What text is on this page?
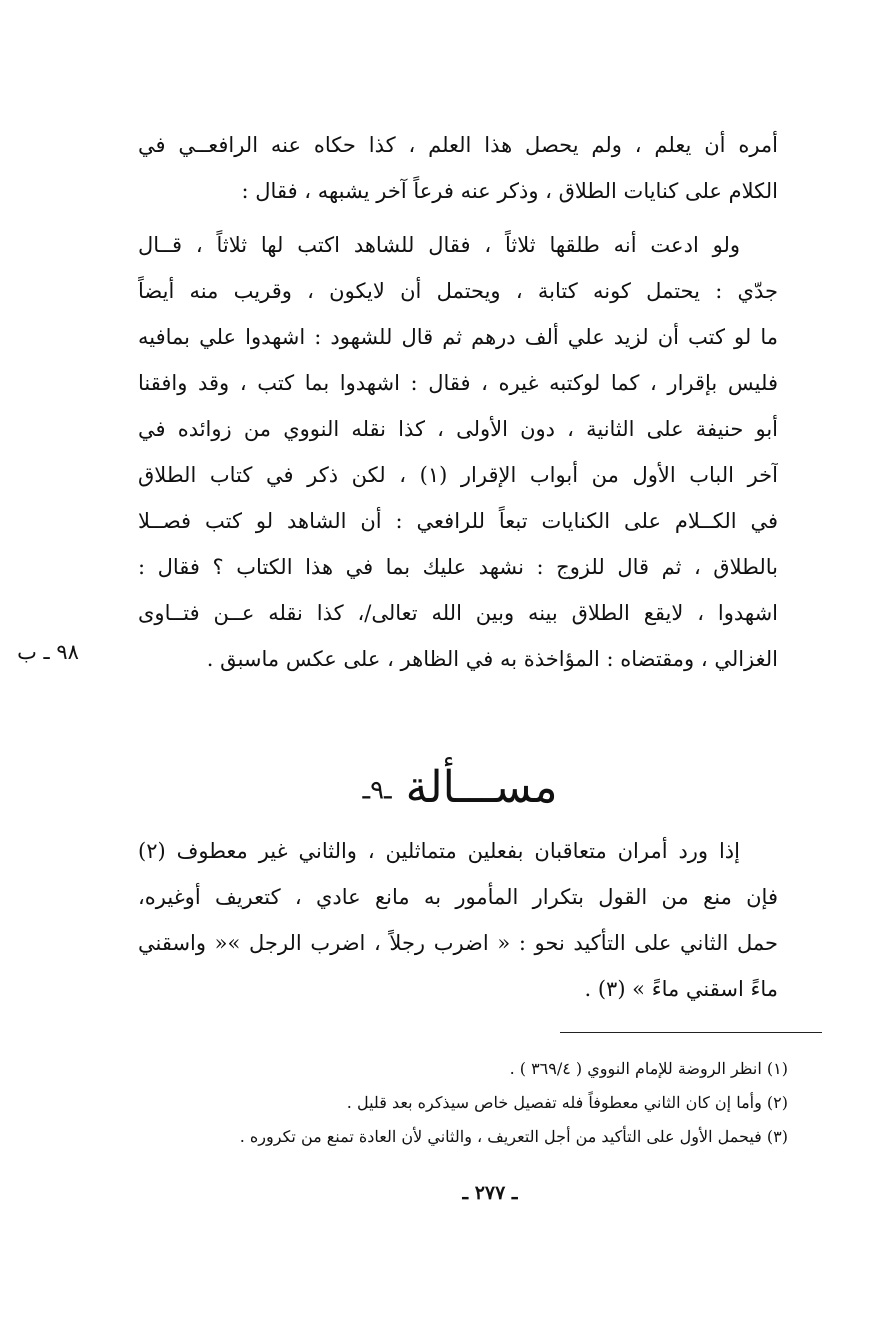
٩٨ ـ ب
أمره أن يعلم ، ولم يحصل هذا العلم ، كذا حكاه عنه الرافعــي في
الكلام على كنايات الطلاق ، وذكر عنه فرعاً آخر يشبهه ، فقال :
ولو ادعت أنه طلقها ثلاثاً ، فقال للشاهد اكتب لها ثلاثاً ، قــال
جدّي : يحتمل كونه كتابة ، ويحتمل أن لايكون ، وقريب منه أيضاً
ما لو كتب أن لزيد علي ألف درهم ثم قال للشهود : اشهدوا علي بمافيه
فليس بإقرار ، كما لوكتبه غيره ، فقال : اشهدوا بما كتب ، وقد وافقنا
أبو حنيفة على الثانية ، دون الأولى ، كذا نقله النووي من زوائده في
آخر الباب الأول من أبواب الإقرار (١) ، لكن ذكر في كتاب الطلاق
في الكــلام على الكنايات تبعاً للرافعي : أن الشاهد لو كتب فصــلا
بالطلاق ، ثم قال للزوج : نشهد عليك بما في هذا الكتاب ؟ فقال :
اشهدوا ، لايقع الطلاق بينه وبين الله تعالى/، كذا نقله عــن فتــاوى
الغزالي ، ومقتضاه : المؤاخذة به في الظاهر ، على عكس ماسبق .
مســـألة ـ٩ـ
إذا ورد أمران متعاقبان بفعلين متماثلين ، والثاني غير معطوف (٢)
فإن منع من القول بتكرار المأمور به مانع عادي ، كتعريف أوغيره،
حمل الثاني على التأكيد نحو : « اضرب رجلاً ، اضرب الرجل »« واسقني
ماءً اسقني ماءً » (٣) .
(١) انظر الروضة للإمام النووي ( ٣٦٩/٤ ) .
(٢) وأما إن كان الثاني معطوفاً فله تفصيل خاص سيذكره بعد قليل .
(٣) فيحمل الأول على التأكيد من أجل التعريف ، والثاني لأن العادة تمنع من تكروره .
ـ ٢٧٧ ـ
